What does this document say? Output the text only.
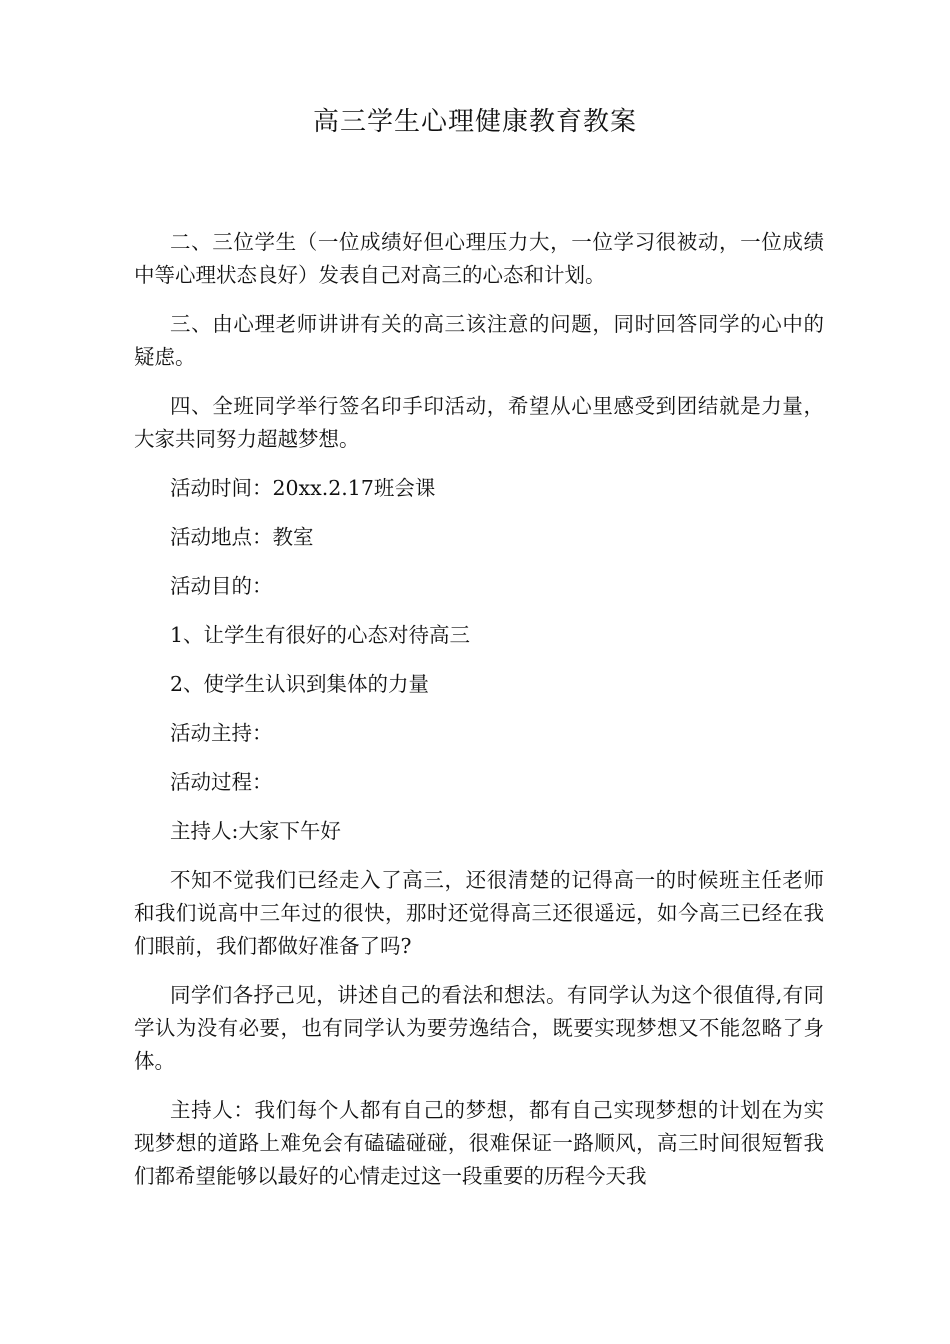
高三学生心理健康教育教案

二、三位学生（一位成绩好但心理压力大，一位学习很被动，一位成绩中等心理状态良好）发表自己对高三的心态和计划。

三、由心理老师讲讲有关的高三该注意的问题，同时回答同学的心中的疑虑。

四、全班同学举行签名印手印活动，希望从心里感受到团结就是力量，大家共同努力超越梦想。

活动时间：20xx.2.17班会课

活动地点：教室

活动目的：

1、让学生有很好的心态对待高三

2、使学生认识到集体的力量

活动主持：

活动过程：

主持人:大家下午好

不知不觉我们已经走入了高三，还很清楚的记得高一的时候班主任老师和我们说高中三年过的很快，那时还觉得高三还很遥远，如今高三已经在我们眼前，我们都做好准备了吗?

同学们各抒己见，讲述自己的看法和想法。有同学认为这个很值得,有同学认为没有必要，也有同学认为要劳逸结合，既要实现梦想又不能忽略了身体。

主持人：我们每个人都有自己的梦想，都有自己实现梦想的计划在为实现梦想的道路上难免会有磕磕碰碰，很难保证一路顺风，高三时间很短暂我们都希望能够以最好的心情走过这一段重要的历程今天我
